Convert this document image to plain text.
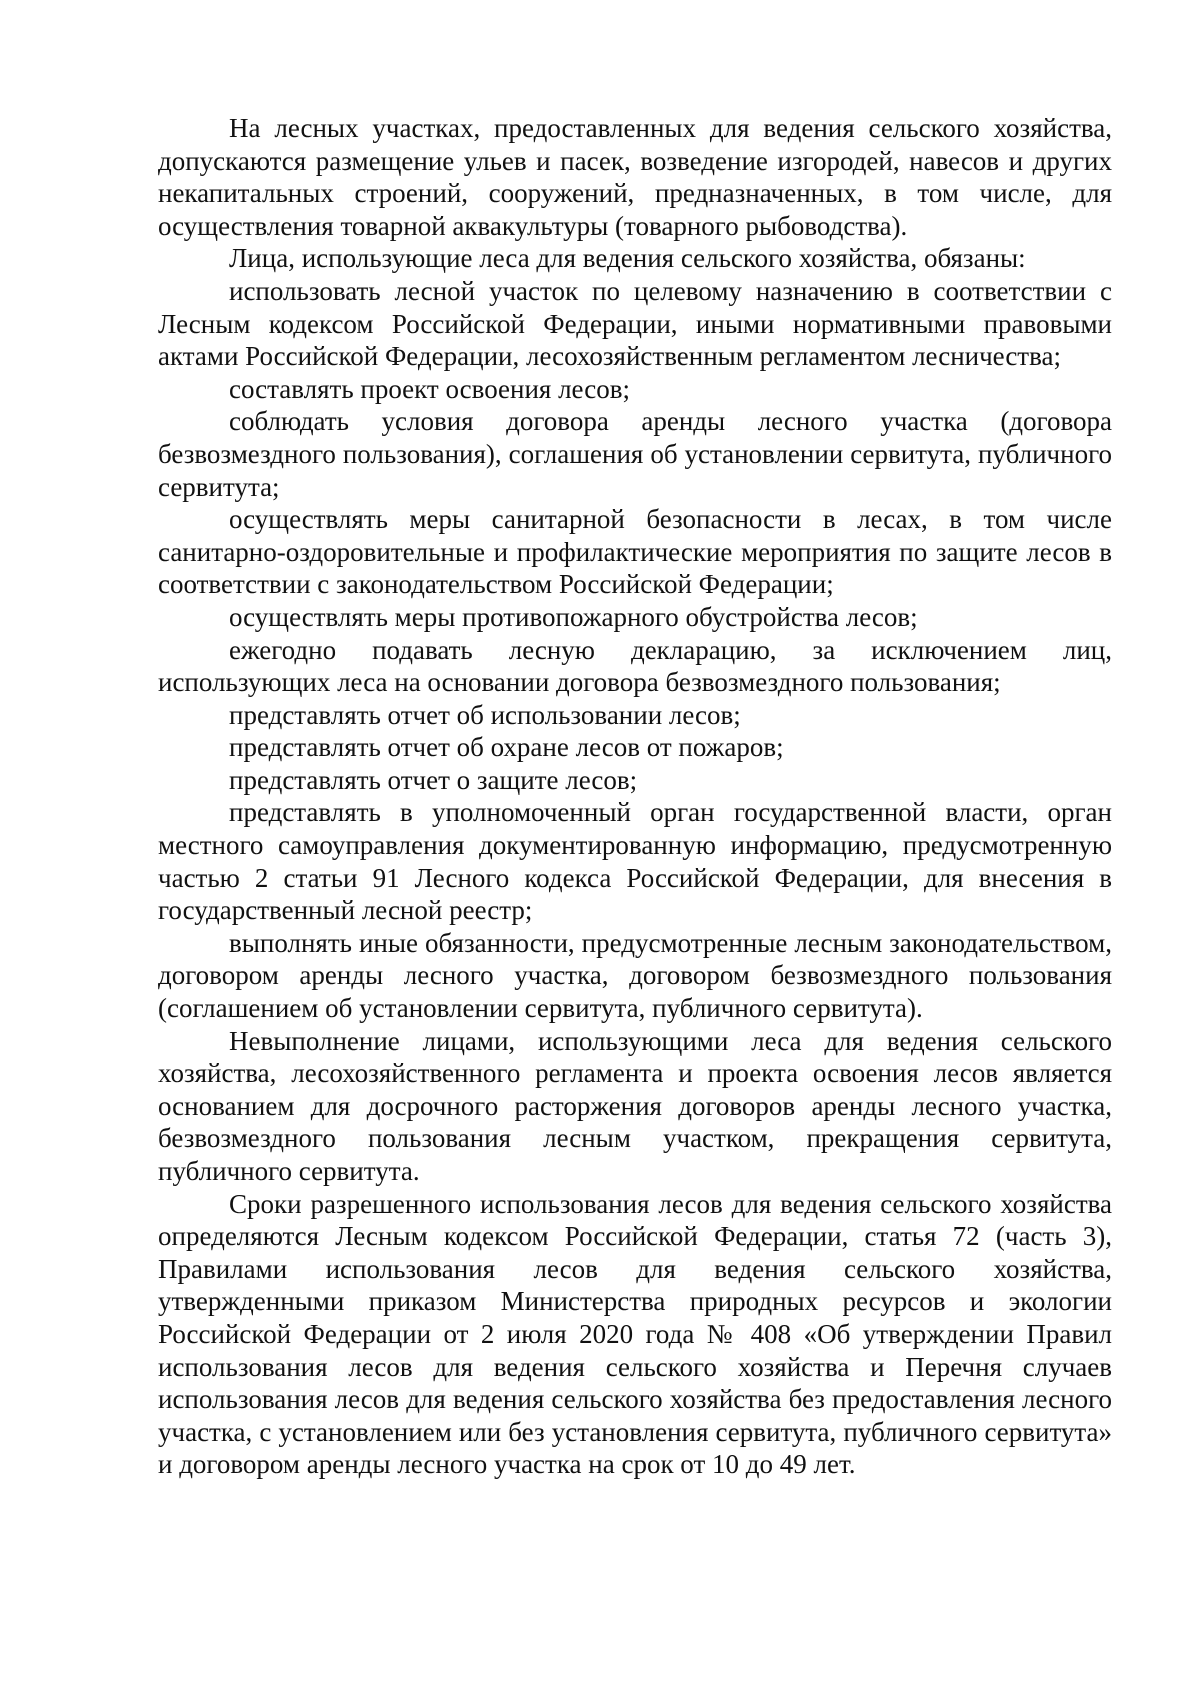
На лесных участках, предоставленных для ведения сельского хозяйства, допускаются размещение ульев и пасек, возведение изгородей, навесов и других некапитальных строений, сооружений, предназначенных, в том числе, для осуществления товарной аквакультуры (товарного рыбоводства).

Лица, использующие леса для ведения сельского хозяйства, обязаны:

использовать лесной участок по целевому назначению в соответствии с Лесным кодексом Российской Федерации, иными нормативными правовыми актами Российской Федерации, лесохозяйственным регламентом лесничества;

составлять проект освоения лесов;

соблюдать условия договора аренды лесного участка (договора безвозмездного пользования), соглашения об установлении сервитута, публичного сервитута;

осуществлять меры санитарной безопасности в лесах, в том числе санитарно-оздоровительные и профилактические мероприятия по защите лесов в соответствии с законодательством Российской Федерации;

осуществлять меры противопожарного обустройства лесов;

ежегодно подавать лесную декларацию, за исключением лиц, использующих леса на основании договора безвозмездного пользования;

представлять отчет об использовании лесов;

представлять отчет об охране лесов от пожаров;

представлять отчет о защите лесов;

представлять в уполномоченный орган государственной власти, орган местного самоуправления документированную информацию, предусмотренную частью 2 статьи 91 Лесного кодекса Российской Федерации, для внесения в государственный лесной реестр;

выполнять иные обязанности, предусмотренные лесным законодательством, договором аренды лесного участка, договором безвозмездного пользования (соглашением об установлении сервитута, публичного сервитута).

Невыполнение лицами, использующими леса для ведения сельского хозяйства, лесохозяйственного регламента и проекта освоения лесов является основанием для досрочного расторжения договоров аренды лесного участка, безвозмездного пользования лесным участком, прекращения сервитута, публичного сервитута.

Сроки разрешенного использования лесов для ведения сельского хозяйства определяются Лесным кодексом Российской Федерации, статья 72 (часть 3), Правилами использования лесов для ведения сельского хозяйства, утвержденными приказом Министерства природных ресурсов и экологии Российской Федерации от 2 июля 2020 года № 408 «Об утверждении Правил использования лесов для ведения сельского хозяйства и Перечня случаев использования лесов для ведения сельского хозяйства без предоставления лесного участка, с установлением или без установления сервитута, публичного сервитута» и договором аренды лесного участка на срок от 10 до 49 лет.
